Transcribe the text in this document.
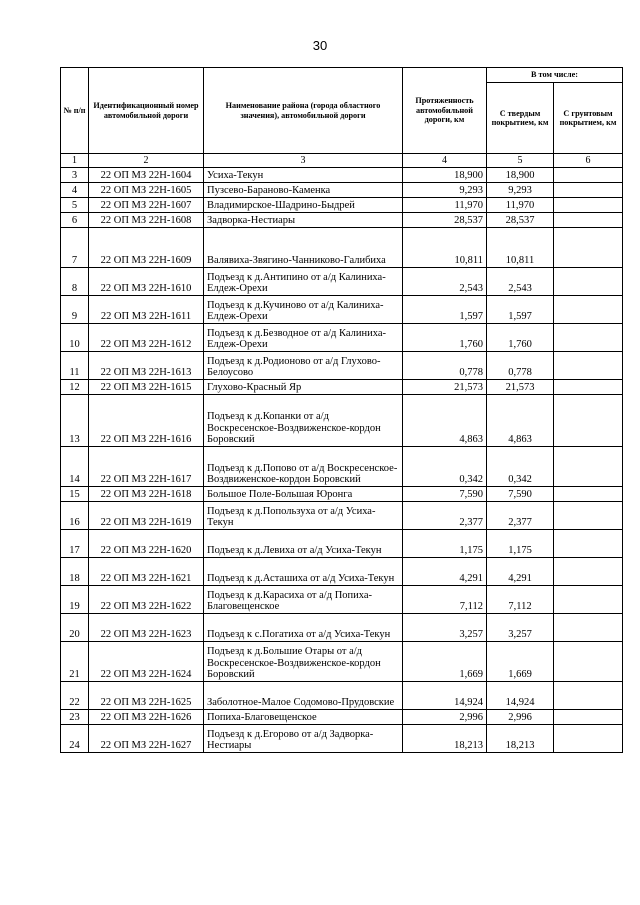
30
№ п/п	Идентификационный номер автомобильной дороги	Наименование района (города областного значения), автомобильной дороги	Протяженность автомобильной дороги, км	В том числе:	
				С твердым покрытием, км	С грунтовым покрытием, км
1	2	3	4	5	6
3	22 ОП МЗ 22Н-1604	Усиха-Текун	18,900	18,900	
4	22 ОП МЗ 22Н-1605	Пузсево-Бараново-Каменка	9,293	9,293	
5	22 ОП МЗ 22Н-1607	Владимирское-Шадрино-Быдрей	11,970	11,970	
6	22 ОП МЗ 22Н-1608	Задворка-Нестиары	28,537	28,537	
7	22 ОП МЗ 22Н-1609	Валявиха-Звягино-Чанниково-Галибиха	10,811	10,811	
8	22 ОП МЗ 22Н-1610	Подъезд к д.Антипино от а/д Калиниха-Елдеж-Орехи	2,543	2,543	
9	22 ОП МЗ 22Н-1611	Подъезд к д.Кучиново от а/д Калиниха-Елдеж-Орехи	1,597	1,597	
10	22 ОП МЗ 22Н-1612	Подъезд к д.Безводное от а/д Калиниха-Елдеж-Орехи	1,760	1,760	
11	22 ОП МЗ 22Н-1613	Подъезд к д.Родионово от а/д Глухово-Белоусово	0,778	0,778	
12	22 ОП МЗ 22Н-1615	Глухово-Красный Яр	21,573	21,573	
13	22 ОП МЗ 22Н-1616	Подъезд к д.Копанки от а/д Воскресенское-Воздвиженское-кордон Боровский	4,863	4,863	
14	22 ОП МЗ 22Н-1617	Подъезд к д.Попово от а/д Воскресенское-Воздвиженское-кордон Боровский	0,342	0,342	
15	22 ОП МЗ 22Н-1618	Большое Поле-Большая Юронга	7,590	7,590	
16	22 ОП МЗ 22Н-1619	Подъезд к д.Попользуха от а/д Усиха-Текун	2,377	2,377	
17	22 ОП МЗ 22Н-1620	Подъезд к д.Левиха от а/д Усиха-Текун	1,175	1,175	
18	22 ОП МЗ 22Н-1621	Подъезд к д.Асташиха от а/д Усиха-Текун	4,291	4,291	
19	22 ОП МЗ 22Н-1622	Подъезд к д.Карасиха от а/д Попиха-Благовещенское	7,112	7,112	
20	22 ОП МЗ 22Н-1623	Подъезд к с.Погатиха от а/д Усиха-Текун	3,257	3,257	
21	22 ОП МЗ 22Н-1624	Подъезд к д.Большие Отары от а/д Воскресенское-Воздвиженское-кордон Боровский	1,669	1,669	
22	22 ОП МЗ 22Н-1625	Заболотное-Малое Содомово-Прудовские	14,924	14,924	
23	22 ОП МЗ 22Н-1626	Попиха-Благовещенское	2,996	2,996	
24	22 ОП МЗ 22Н-1627	Подъезд к д.Егорово от а/д Задворка-Нестиары	18,213	18,213	
